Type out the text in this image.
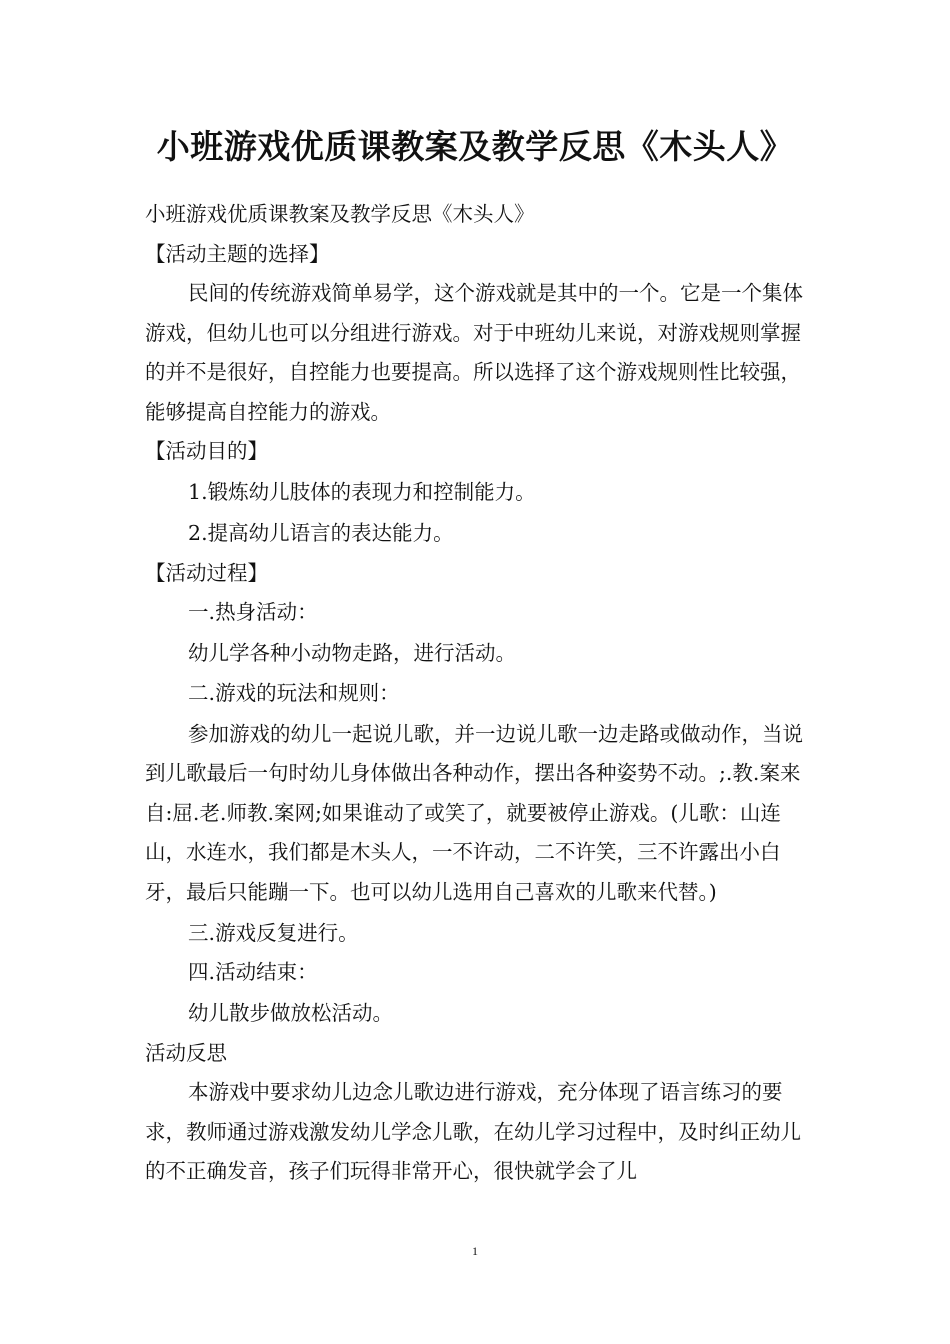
小班游戏优质课教案及教学反思《木头人》

小班游戏优质课教案及教学反思《木头人》

【活动主题的选择】

民间的传统游戏简单易学，这个游戏就是其中的一个。它是一个集体游戏，但幼儿也可以分组进行游戏。对于中班幼儿来说，对游戏规则掌握的并不是很好，自控能力也要提高。所以选择了这个游戏规则性比较强，能够提高自控能力的游戏。

【活动目的】

1.锻炼幼儿肢体的表现力和控制能力。

2.提高幼儿语言的表达能力。

【活动过程】

一.热身活动：

幼儿学各种小动物走路，进行活动。

二.游戏的玩法和规则：

参加游戏的幼儿一起说儿歌，并一边说儿歌一边走路或做动作，当说到儿歌最后一句时幼儿身体做出各种动作，摆出各种姿势不动。;.教.案来自:屈.老.师教.案网;如果谁动了或笑了，就要被停止游戏。(儿歌：山连山，水连水，我们都是木头人，一不许动，二不许笑，三不许露出小白牙，最后只能蹦一下。也可以幼儿选用自己喜欢的儿歌来代替。)

三.游戏反复进行。

四.活动结束：

幼儿散步做放松活动。

活动反思

本游戏中要求幼儿边念儿歌边进行游戏，充分体现了语言练习的要求，教师通过游戏激发幼儿学念儿歌，在幼儿学习过程中，及时纠正幼儿的不正确发音，孩子们玩得非常开心，很快就学会了儿

1
